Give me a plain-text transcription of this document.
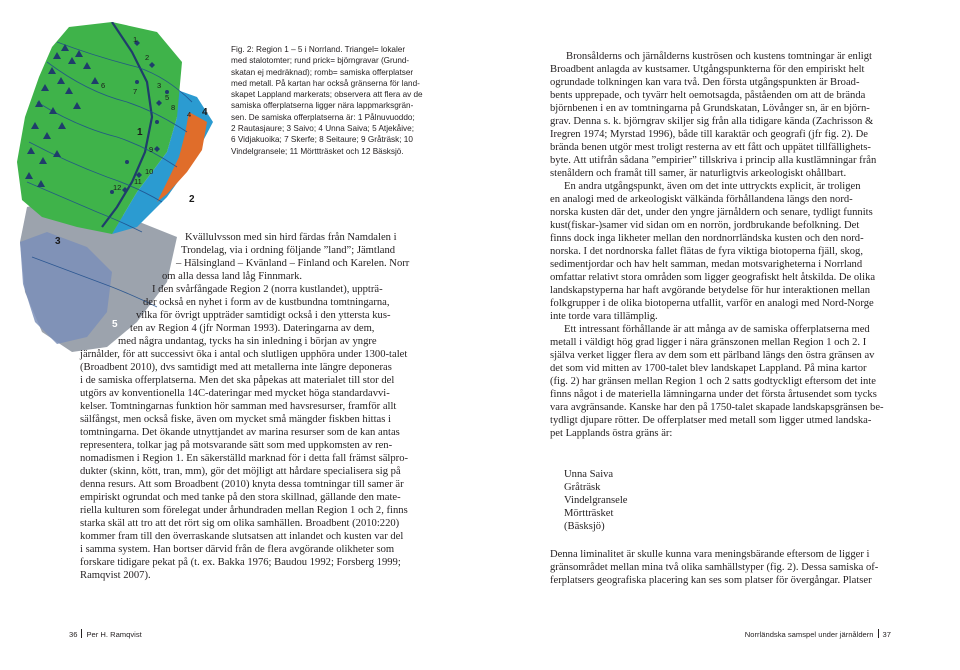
1
2
3
4
5
1
2
3
4
5
6
7
8
9
10
11
12
Fig. 2: Region 1 – 5 i Norrland. Triangel= lokaler
med stalotomter; rund prick= björngravar (Grund-
skatan ej medräknad); romb= samiska offerplatser
med metall. På kartan har också gränserna för land-
skapet Lappland markerats; observera att flera av de
samiska offerplatserna ligger nära lappmarksgrän-
sen. De samiska offerplatserna är: 1 Pålnuvuoddo;
2 Rautasjaure; 3 Saivo; 4 Unna Saiva; 5 Atjekåive;
6 Vidjakuoika; 7 Skerfe; 8 Seitaure; 9 Gråträsk; 10
Vindelgransele; 11 Mörttträsket och 12 Bäsksjö.
Kvällulvsson med sin hird färdas från Namdalen i
Trondelag, via i ordning följande ”land”; Jämtland
– Hälsingland – Kvänland – Finland och Karelen. Norr
om alla dessa land låg Finnmark.
I den svårfångade Region 2 (norra kustlandet), uppträ-
der också en nyhet i form av de kustbundna tomtningarna,
vilka för övrigt uppträder samtidigt också i den yttersta kus-
ten av Region 4 (jfr Norman 1993). Dateringarna av dem,
med några undantag, tycks ha sin inledning i början av yngre
järnålder, för att successivt öka i antal och slutligen upphöra under 1300-talet
(Broadbent 2010), dvs samtidigt med att metallerna inte längre deponeras
i de samiska offerplatserna. Men det ska påpekas att materialet till stor del
utgörs av konventionella 14C-dateringar med mycket höga standardavvi-
kelser. Tomtningarnas funktion hör samman med havsresurser, framför allt
sälfångst, men också fiske, även om mycket små mängder fiskben hittas i
tomtningarna. Det ökande utnyttjandet av marina resurser som de kan antas
representera, tolkar jag på motsvarande sätt som med uppkomsten av ren-
nomadismen i Region 1. En säkerställd marknad för i detta fall främst sälpro-
dukter (skinn, kött, tran, mm), gör det möjligt att hårdare specialisera sig på
denna resurs. Att som Broadbent (2010) knyta dessa tomtningar till samer är
empiriskt ogrundat och med tanke på den stora skillnad, gällande den mate-
riella kulturen som förelegat under århundraden mellan Region 1 och 2, finns
starka skäl att tro att det rört sig om olika samhällen. Broadbent (2010:220)
kommer fram till den överraskande slutsatsen att inlandet och kusten var del
i samma system. Han bortser därvid från de flera avgörande olikheter som
forskare tidigare pekat på (t. ex. Bakka 1976; Baudou 1992; Forsberg 1999;
Ramqvist 2007).
36 Per H. Ramqvist
Bronsålderns och järnålderns kuströsen och kustens tomtningar är enligt
Broadbent anlagda av kustsamer. Utgångspunkterna för den empiriskt helt
ogrundade tolkningen kan vara två. Den första utgångspunkten är Broad-
bents upprepade, och tyvärr helt oemotsagda, påståenden om att de brända
björnbenen i en av tomtningarna på Grundskatan, Lövånger sn, är en björn-
grav. Denna s. k. björngrav skiljer sig från alla tidigare kända (Zachrisson &
Iregren 1974; Myrstad 1996), både till karaktär och geografi (jfr fig. 2). De
brända benen utgör mest troligt resterna av ett fått och uppätet tillfällighets-
byte. Att utifrån sådana ”empirier” tillskriva i princip alla kustlämningar från
stenåldern och framåt till samer, är naturligtvis arkeologiskt ohållbart.
En andra utgångspunkt, även om det inte uttryckts explicit, är troligen
en analogi med de arkeologiskt välkända förhållandena längs den nord-
norska kusten där det, under den yngre järnåldern och senare, tydligt funnits
kust(fiskar-)samer vid sidan om en norrön, jordbrukande befolkning. Det
finns dock inga likheter mellan den nordnorrländska kusten och den nord-
norska. I det nordnorska fallet flätas de fyra viktiga biotoperna fjäll, skog,
sedimentjordar och hav helt samman, medan motsvarigheterna i Norrland
omfattar relativt stora områden som ligger geografiskt helt åtskilda. De olika
landskapstyperna har haft avgörande betydelse för hur interaktionen mellan
folkgrupper i de olika biotoperna utfallit, varför en analogi med Nord-Norge
inte torde vara tillämplig.
Ett intressant förhållande är att många av de samiska offerplatserna med
metall i väldigt hög grad ligger i nära gränszonen mellan Region 1 och 2. I
själva verket ligger flera av dem som ett pärlband längs den östra gränsen av
det som vid mitten av 1700-talet blev landskapet Lappland. På mina kartor
(fig. 2) har gränsen mellan Region 1 och 2 satts godtyckligt eftersom det inte
finns något i de materiella lämningarna under det första årtusendet som tycks
vara avgränsande. Kanske har den på 1750-talet skapade landskapsgränsen be-
tydligt djupare rötter. De offerplatser med metall som ligger utmed landska-
pet Lapplands östra gräns är:
Unna Saiva
Gråträsk
Vindelgransele
Mörtträsket
(Bäsksjö)
Denna liminalitet är skulle kunna vara meningsbärande eftersom de ligger i
gränsområdet mellan mina två olika samhällstyper (fig. 2). Dessa samiska of-
ferplatsers geografiska placering kan ses som platser för övergångar. Platser
Norrländska samspel under järnåldern 37
